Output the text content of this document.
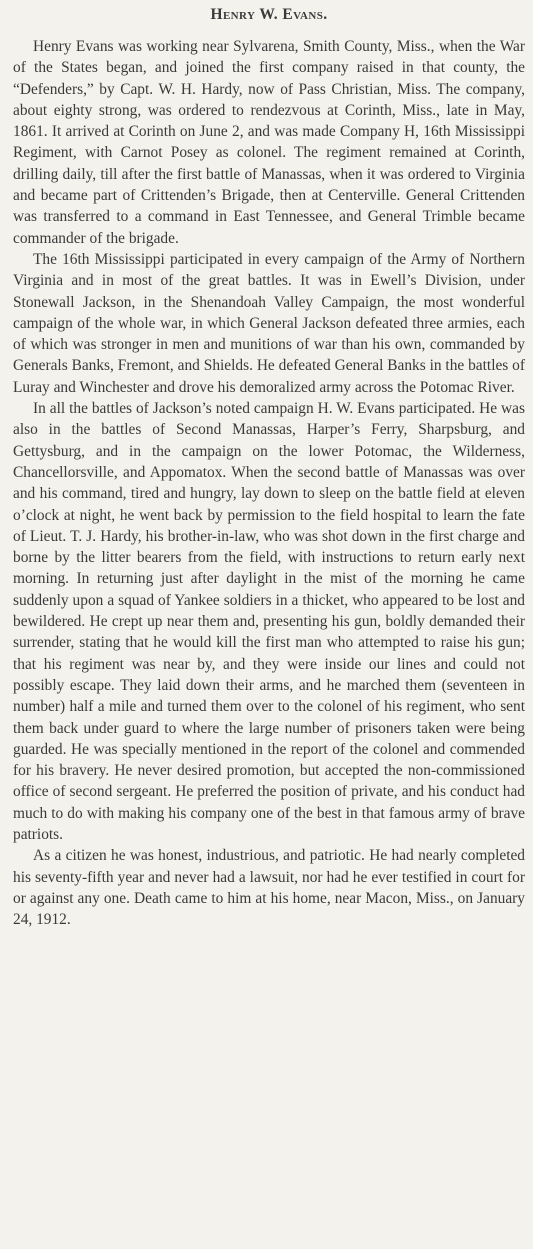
Henry W. Evans.

Henry Evans was working near Sylvarena, Smith County, Miss., when the War of the States began, and joined the first company raised in that county, the “Defenders,” by Capt. W. H. Hardy, now of Pass Christian, Miss. The company, about eighty strong, was ordered to rendezvous at Corinth, Miss., late in May, 1861. It arrived at Corinth on June 2, and was made Company H, 16th Mississippi Regiment, with Carnot Posey as colonel. The regiment remained at Corinth, drilling daily, till after the first battle of Manassas, when it was ordered to Virginia and became part of Crittenden’s Brigade, then at Centerville. General Crittenden was transferred to a command in East Tennessee, and General Trimble became commander of the brigade.

The 16th Mississippi participated in every campaign of the Army of Northern Virginia and in most of the great battles. It was in Ewell’s Division, under Stonewall Jackson, in the Shenandoah Valley Campaign, the most wonderful campaign of the whole war, in which General Jackson defeated three armies, each of which was stronger in men and munitions of war than his own, commanded by Generals Banks, Fremont, and Shields. He defeated General Banks in the battles of Luray and Winchester and drove his demoralized army across the Potomac River.

In all the battles of Jackson’s noted campaign H. W. Evans participated. He was also in the battles of Second Manassas, Harper’s Ferry, Sharpsburg, and Gettysburg, and in the campaign on the lower Potomac, the Wilderness, Chancellorsville, and Appomatox. When the second battle of Manassas was over and his command, tired and hungry, lay down to sleep on the battle field at eleven o’clock at night, he went back by permission to the field hospital to learn the fate of Lieut. T. J. Hardy, his brother-in-law, who was shot down in the first charge and borne by the litter bearers from the field, with instructions to return early next morning. In returning just after daylight in the mist of the morning he came suddenly upon a squad of Yankee soldiers in a thicket, who appeared to be lost and bewildered. He crept up near them and, presenting his gun, boldly demanded their surrender, stating that he would kill the first man who attempted to raise his gun; that his regiment was near by, and they were inside our lines and could not possibly escape. They laid down their arms, and he marched them (seventeen in number) half a mile and turned them over to the colonel of his regiment, who sent them back under guard to where the large number of prisoners taken were being guarded. He was specially mentioned in the report of the colonel and commended for his bravery. He never desired promotion, but accepted the non-commissioned office of second sergeant. He preferred the position of private, and his conduct had much to do with making his company one of the best in that famous army of brave patriots.

As a citizen he was honest, industrious, and patriotic. He had nearly completed his seventy-fifth year and never had a lawsuit, nor had he ever testified in court for or against any one. Death came to him at his home, near Macon, Miss., on January 24, 1912.
